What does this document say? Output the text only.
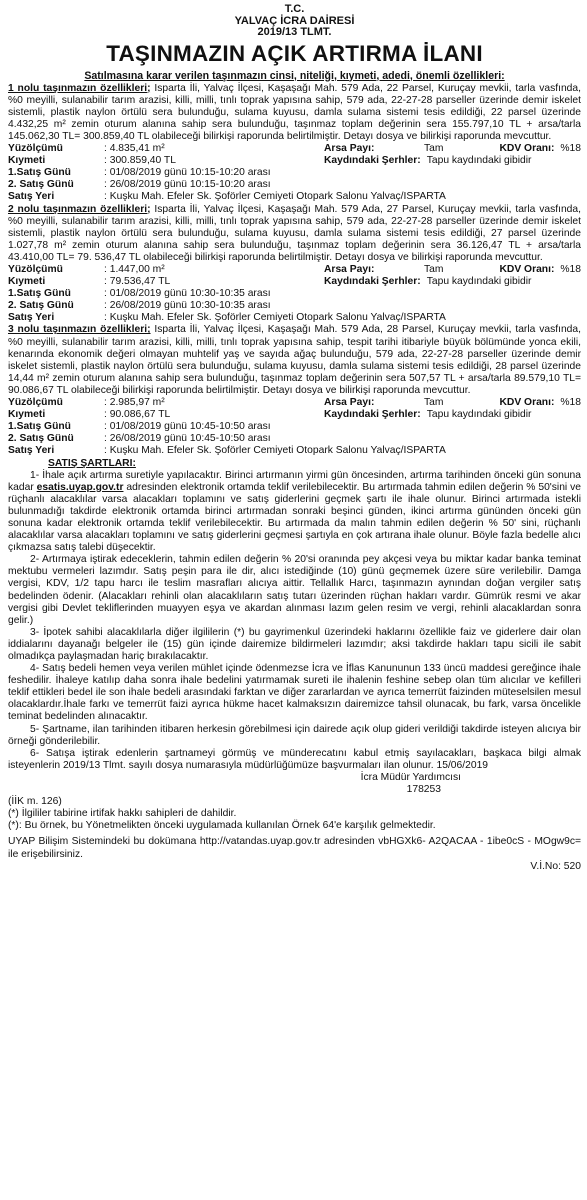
T.C.
YALVAÇ İCRA DAİRESİ
2019/13 TLMT.
TAŞINMAZIN AÇIK ARTIRMA İLANI
Satılmasına karar verilen taşınmazın cinsi, niteliği, kıymeti, adedi, önemli özellikleri:
1 nolu taşınmazın özellikleri; Isparta İli, Yalvaç İlçesi, Kaşaşağı Mah. 579 Ada, 22 Parsel, Kuruçay mevkii, tarla vasfında, %0 meyilli, sulanabilir tarım arazisi, killi, milli, tınlı toprak yapısına sahip, 579 ada, 22-27-28 parseller üzerinde demir iskelet sistemli, plastik naylon örtülü sera bulunduğu, sulama kuyusu, damla sulama sistemi tesis edildiği, 22 parsel üzerinde 4.432,25 m² zemin oturum alanına sahip sera bulunduğu, taşınmaz toplam değerinin sera 155.797,10 TL + arsa/tarla 145.062,30 TL= 300.859,40 TL olabileceği bilirkişi raporunda belirtilmiştir. Detayı dosya ve bilirkişi raporunda mevcuttur.
Yüzölçümü	: 4.835,41 m²	Arsa Payı:	Tam	KDV Oranı: %18
Kıymeti	: 300.859,40 TL	Kaydındaki Şerhler: Tapu kaydındaki gibidir
1.Satış Günü	: 01/08/2019 günü 10:15-10:20 arası
2. Satış Günü	: 26/08/2019 günü 10:15-10:20 arası
Satış Yeri	: Kuşku Mah. Efeler Sk. Şoförler Cemiyeti Otopark Salonu Yalvaç/ISPARTA
2 nolu taşınmazın özellikleri; Isparta İli, Yalvaç İlçesi, Kaşaşağı Mah. 579 Ada, 27 Parsel, Kuruçay mevkii, tarla vasfında, %0 meyilli, sulanabilir tarım arazisi, killi, milli, tınlı toprak yapısına sahip, 579 ada, 22-27-28 parseller üzerinde demir iskelet sistemli, plastik naylon örtülü sera bulunduğu, sulama kuyusu, damla sulama sistemi tesis edildiği, 27 parsel üzerinde 1.027,78 m² zemin oturum alanına sahip sera bulunduğu, taşınmaz toplam değerinin sera 36.126,47 TL + arsa/tarla 43.410,00 TL= 79. 536,47 TL olabileceği bilirkişi raporunda belirtilmiştir. Detayı dosya ve bilirkişi raporunda mevcuttur.
Yüzölçümü	: 1.447,00 m²	Arsa Payı:	Tam	KDV Oranı: %18
Kıymeti	: 79.536,47 TL	Kaydındaki Şerhler: Tapu kaydındaki gibidir
1.Satış Günü	: 01/08/2019 günü 10:30-10:35 arası
2. Satış Günü	: 26/08/2019 günü 10:30-10:35 arası
Satış Yeri	: Kuşku Mah. Efeler Sk. Şoförler Cemiyeti Otopark Salonu Yalvaç/ISPARTA
3 nolu taşınmazın özellikleri; Isparta İli, Yalvaç İlçesi, Kaşaşağı Mah. 579 Ada, 28 Parsel, Kuruçay mevkii, tarla vasfında, %0 meyilli, sulanabilir tarım arazisi, killi, milli, tınlı toprak yapısına sahip, tespit tarihi itibariyle büyük bölümünde yonca ekili, kenarında ekonomik değeri olmayan muhtelif yaş ve sayıda ağaç bulunduğu, 579 ada, 22-27-28 parseller üzerinde demir iskelet sistemli, plastik naylon örtülü sera bulunduğu, sulama kuyusu, damla sulama sistemi tesis edildiği, 28 parsel üzerinde 14,44 m² zemin oturum alanına sahip sera bulunduğu, taşınmaz toplam değerinin sera 507,57 TL + arsa/tarla 89.579,10 TL= 90.086,67 TL olabileceği bilirkişi raporunda belirtilmiştir. Detayı dosya ve bilirkişi raporunda mevcuttur.
Yüzölçümü	: 2.985,97 m²	Arsa Payı:	Tam	KDV Oranı: %18
Kıymeti	: 90.086,67 TL	Kaydındaki Şerhler: Tapu kaydındaki gibidir
1.Satış Günü	: 01/08/2019 günü 10:45-10:50 arası
2. Satış Günü	: 26/08/2019 günü 10:45-10:50 arası
Satış Yeri	: Kuşku Mah. Efeler Sk. Şoförler Cemiyeti Otopark Salonu Yalvaç/ISPARTA
SATIŞ ŞARTLARI:
1- İhale açık artırma suretiyle yapılacaktır. Birinci artırmanın yirmi gün öncesinden, artırma tarihinden önceki gün sonuna kadar esatis.uyap.gov.tr adresinden elektronik ortamda teklif verilebilecektir. Bu artırmada tahmin edilen değerin % 50'sini ve rüçhanlı alacaklılar varsa alacakları toplamını ve satış giderlerini geçmek şartı ile ihale olunur. Birinci artırmada istekli bulunmadığı takdirde elektronik ortamda birinci artırmadan sonraki beşinci günden, ikinci artırma gününden önceki gün sonuna kadar elektronik ortamda teklif verilebilecektir. Bu artırmada da malın tahmin edilen değerin % 50' sini, rüçhanlı alacaklılar varsa alacakları toplamını ve satış giderlerini geçmesi şartıyla en çok artırana ihale olunur. Böyle fazla bedelle alıcı çıkmazsa satış talebi düşecektir.
2- Artırmaya iştirak edeceklerin, tahmin edilen değerin % 20'si oranında pey akçesi veya bu miktar kadar banka teminat mektubu vermeleri lazımdır. Satış peşin para ile dir, alıcı istediğinde (10) günü geçmemek üzere süre verilebilir. Damga vergisi, KDV, 1/2 tapu harcı ile teslim masrafları alıcıya aittir. Tellallık Harcı, taşınmazın aynından doğan vergiler satış bedelinden ödenir. (Alacakları rehinli olan alacaklıların satış tutarı üzerinden rüçhan hakları vardır. Gümrük resmi ve akar vergisi gibi Devlet tekliflerinden muayyen eşya ve akardan alınması lazım gelen resim ve vergi, rehinli alacaklardan sonra gelir.)
3- İpotek sahibi alacaklılarla diğer ilgililerin (*) bu gayrimenkul üzerindeki haklarını özellikle faiz ve giderlere dair olan iddialarını dayanağı belgeler ile (15) gün içinde dairemize bildirmeleri lazımdır; aksi takdirde hakları tapu sicili ile sabit olmadıkça paylaşmadan hariç bırakılacaktır.
4- Satış bedeli hemen veya verilen mühlet içinde ödenmezse İcra ve İflas Kanununun 133 üncü maddesi gereğince ihale feshedilir. İhaleye katılıp daha sonra ihale bedelini yatırmamak sureti ile ihalenin feshine sebep olan tüm alıcılar ve kefilleri teklif ettikleri bedel ile son ihale bedeli arasındaki farktan ve diğer zararlardan ve ayrıca temerrüt faizinden müteselsilen mesul olacaklardır.İhale farkı ve temerrüt faizi ayrıca hükme hacet kalmaksızın dairemizce tahsil olunacak, bu fark, varsa öncelikle teminat bedelinden alınacaktır.
5- Şartname, ilan tarihinden itibaren herkesin görebilmesi için dairede açık olup gideri verildiği takdirde isteyen alıcıya bir örneği gönderilebilir.
6- Satışa iştirak edenlerin şartnameyi görmüş ve münderecatını kabul etmiş sayılacakları, başkaca bilgi almak isteyenlerin 2019/13 Tlmt. sayılı dosya numarasıyla müdürlüğümüze başvurmaları ilan olunur. 15/06/2019
İcra Müdür Yardımcısı
178253
(İİK m. 126)
(*) İlgililer tabirine irtifak hakkı sahipleri de dahildir.
(*): Bu örnek, bu Yönetmelikten önceki uygulamada kullanılan Örnek 64'e karşılık gelmektedir.
UYAP Bilişim Sistemindeki bu dokümana http://vatandas.uyap.gov.tr adresinden vbHGXk6- A2QACAA - 1ibe0cS - MOgw9c= ile erişebilirsiniz.
V.İ.No: 520
